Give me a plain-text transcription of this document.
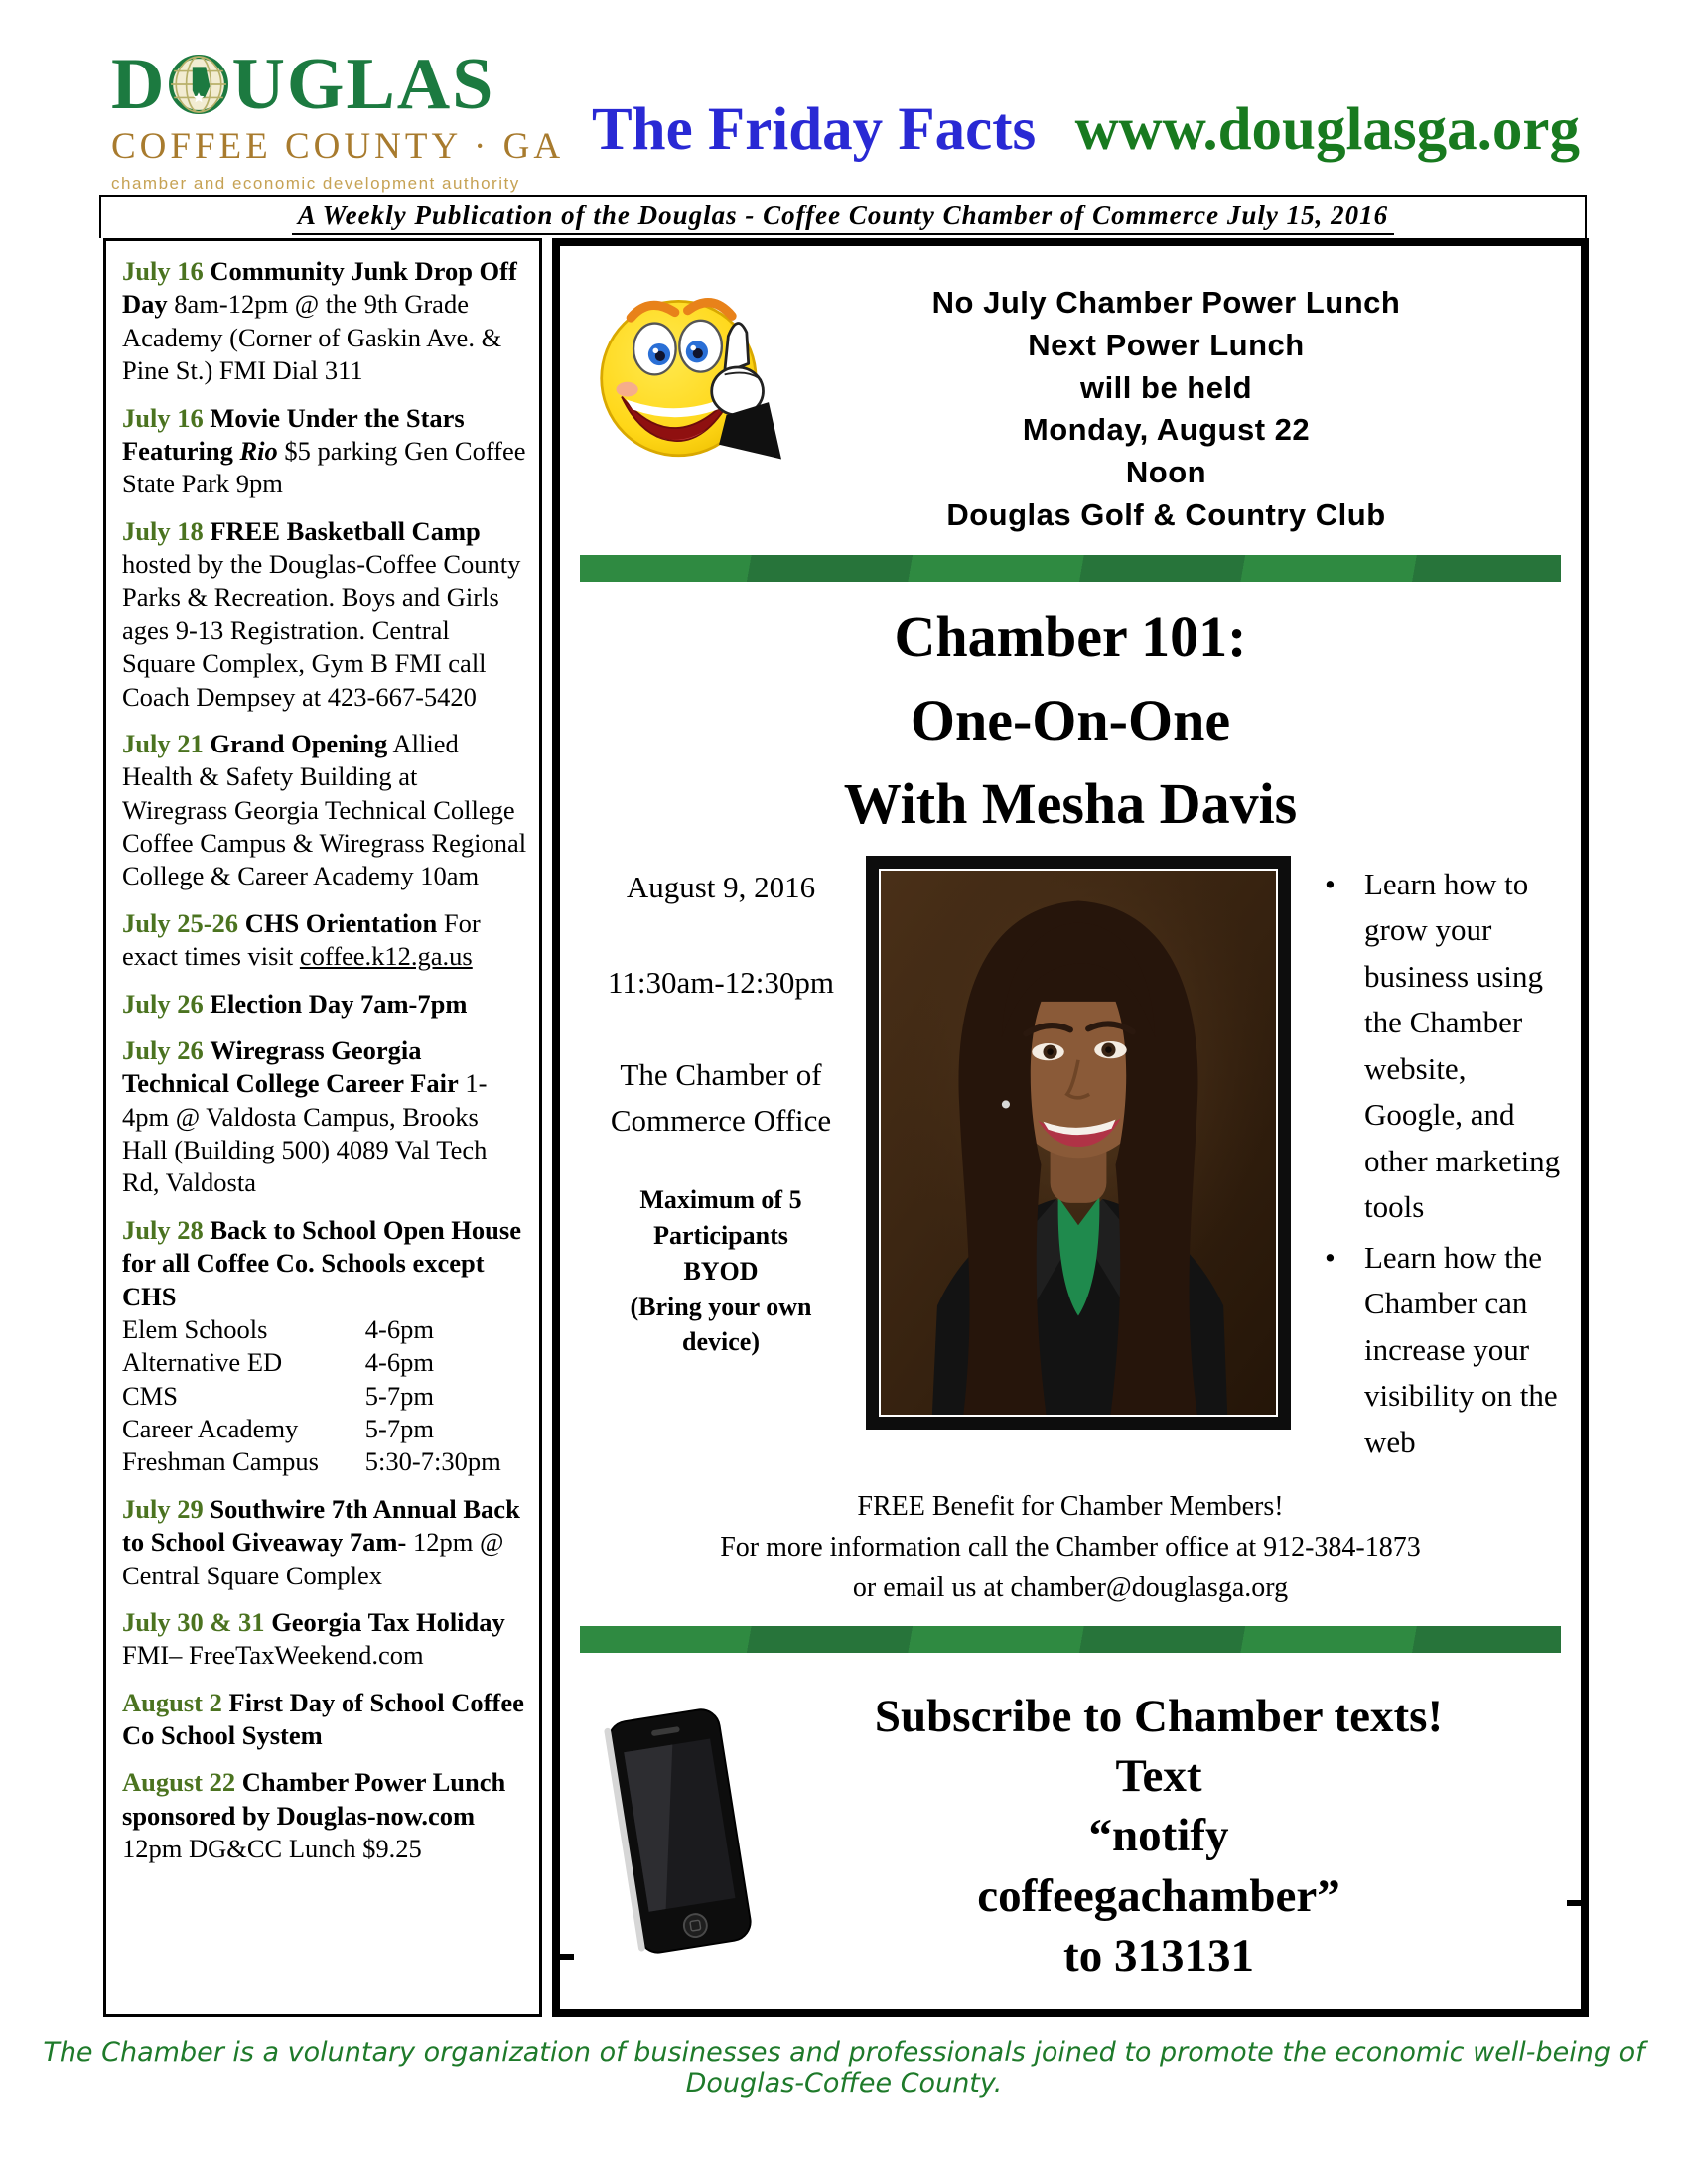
D UGLAS
COFFEE COUNTY · GA
chamber and economic development authority
The Friday Facts www.douglasga.org
A Weekly Publication of the Douglas - Coffee County Chamber of Commerce July 15, 2016
July 16 Community Junk Drop Off Day 8am-12pm @ the 9th Grade Academy (Corner of Gaskin Ave. & Pine St.) FMI Dial 311
July 16 Movie Under the Stars Featuring Rio $5 parking Gen Coffee State Park 9pm
July 18 FREE Basketball Camp hosted by the Douglas-Coffee County Parks & Recreation. Boys and Girls ages 9-13 Registration. Central Square Complex, Gym B FMI call Coach Dempsey at 423-667-5420
July 21 Grand Opening Allied Health & Safety Building at Wiregrass Georgia Technical College Coffee Campus & Wiregrass Regional College & Career Academy 10am
July 25-26 CHS Orientation For exact times visit coffee.k12.ga.us
July 26 Election Day 7am-7pm
July 26 Wiregrass Georgia Technical College Career Fair 1-4pm @ Valdosta Campus, Brooks Hall (Building 500) 4089 Val Tech Rd, Valdosta
July 28 Back to School Open House for all Coffee Co. Schools except CHS
Elem Schools	4-6pm
Alternative ED	4-6pm
CMS	5-7pm
Career Academy	5-7pm
Freshman Campus	5:30-7:30pm
July 29 Southwire 7th Annual Back to School Giveaway 7am- 12pm @ Central Square Complex
July 30 & 31 Georgia Tax Holiday FMI– FreeTaxWeekend.com
August 2 First Day of School Coffee Co School System
August 22 Chamber Power Lunch sponsored by Douglas-now.com 12pm DG&CC Lunch $9.25
No July Chamber Power Lunch
Next Power Lunch
will be held
Monday, August 22
Noon
Douglas Golf & Country Club
Chamber 101:
One-On-One
With Mesha Davis
August 9, 2016
11:30am-12:30pm
The Chamber of
Commerce Office
Maximum of 5
Participants
BYOD
(Bring your own
device)
• Learn how to grow your business using the Chamber website, Google, and other marketing tools
• Learn how the Chamber can increase your visibility on the web
FREE Benefit for Chamber Members!
For more information call the Chamber office at 912-384-1873
or email us at chamber@douglasga.org
Subscribe to Chamber texts!
Text
“notify
coffeegachamber”
to 313131
The Chamber is a voluntary organization of businesses and professionals joined to promote the economic well-being of Douglas-Coffee County.
